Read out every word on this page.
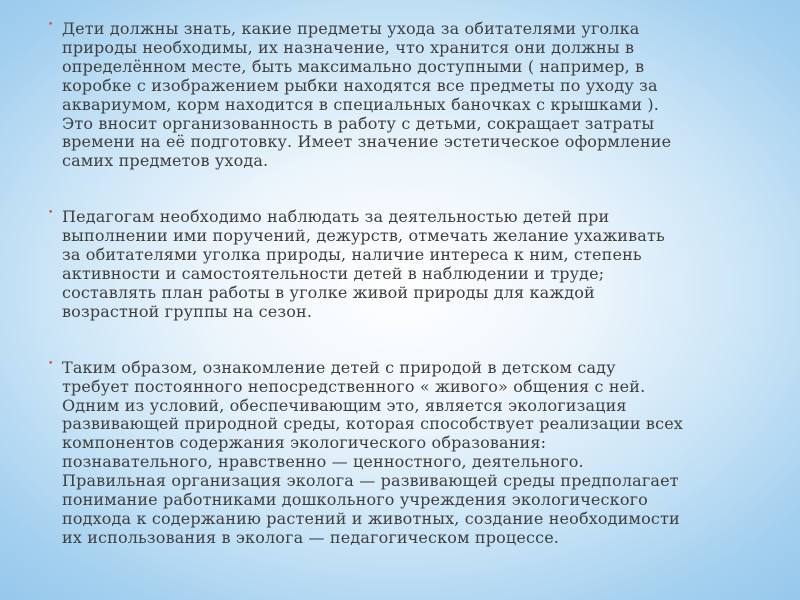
• Дети должны знать, какие предметы ухода за обитателями уголка
природы необходимы, их назначение, что хранится они должны в
определённом месте, быть максимально доступными ( например, в
коробке с изображением рыбки находятся все предметы по уходу за
аквариумом, корм находится в специальных баночках с крышками ).
Это вносит организованность в работу с детьми, сокращает затраты
времени на её подготовку. Имеет значение эстетическое оформление
самих предметов ухода.
• Педагогам необходимо наблюдать за деятельностью детей при
выполнении ими поручений, дежурств, отмечать желание ухаживать
за обитателями уголка природы, наличие интереса к ним, степень
активности и самостоятельности детей в наблюдении и труде;
составлять план работы в уголке живой природы для каждой
возрастной группы на сезон.
• Таким образом, ознакомление детей с природой в детском саду
требует постоянного непосредственного « живого» общения с ней.
Одним из условий, обеспечивающим это, является экологизация
развивающей природной среды, которая способствует реализации всех
компонентов содержания экологического образования:
познавательного, нравственно — ценностного, деятельного.
Правильная организация эколога — развивающей среды предполагает
понимание работниками дошкольного учреждения экологического
подхода к содержанию растений и животных, создание необходимости
их использования в эколога — педагогическом процессе.
